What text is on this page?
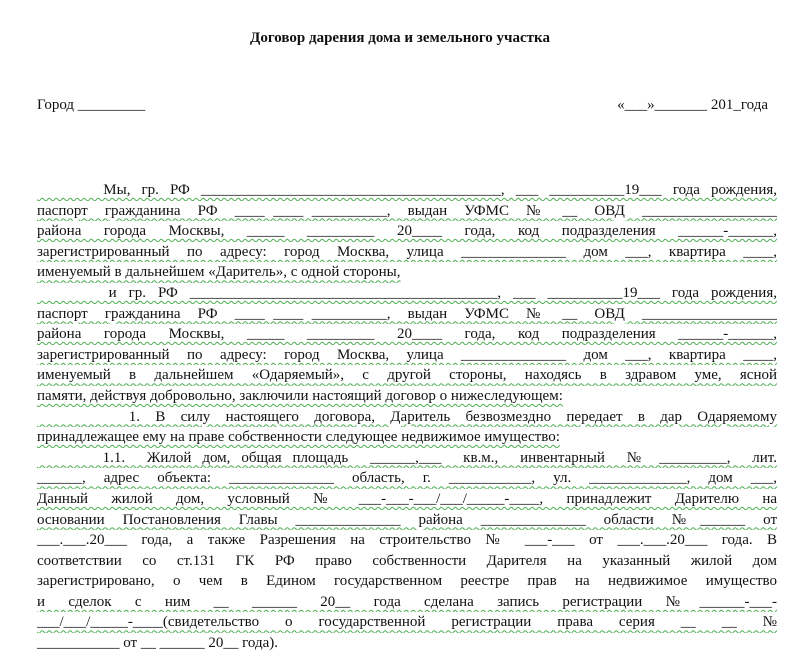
Договор дарения дома и земельного участка
Город _________	«___»_______ 201_года
Мы, гр. РФ ________________________________________, ___ __________19___ года рождения,
паспорт  гражданина  РФ  ____ ____ __________,  выдан  УФМС  №  __  ОВД  __________________
района  города  Москвы,  _____  _________  20____  года,  код  подразделения  ______-______,
зарегистрированный по адресу: город Москва, улица ______________ дом ___, квартира ____,
именуемый в дальнейшем «Даритель», с одной стороны,
и гр. РФ _________________________________________, ___ __________19___ года рождения,
паспорт  гражданина  РФ  ____ ____ __________,  выдан  УФМС  №  __  ОВД  __________________
района  города  Москвы,  _____  _________  20____  года,  код  подразделения  ______-______,
зарегистрированный по адресу: город Москва, улица ______________ дом ___, квартира ____,
именуемый в дальнейшем «Одаряемый», с другой стороны, находясь в здравом уме, ясной
памяти, действуя добровольно, заключили настоящий договор о нижеследующем:
1. В силу настоящего договора, Даритель безвозмездно передает в дар Одаряемому
принадлежащее ему на праве собственности следующее недвижимое имущество:
1.1.  Жилой дом, общая площадь  ______,___  кв.м.,  инвентарный  № _________,  лит.
______, адрес объекта: ______________ область, г. ___________, ул. _____________, дом ___,
Данный  жилой  дом,  условный  №  ___-___-___/___/_____-____,  принадлежит  Дарителю  на
основании Постановления Главы ______________ района ______________ области №______ от
___.___.20___ года, а также Разрешения на строительство № ___-___ от ___.___.20___ года. В
соответствии со ст.131 ГК РФ право собственности Дарителя на указанный жилой дом
зарегистрировано, о чем в Едином государственном реестре прав на недвижимое имущество
и сделок с ним __ ______ 20__ года сделана запись регистрации №______-___-
___/___/_____-____(свидетельство о государственной регистрации права серия __ __ №
___________ от __ ______ 20__ года).
